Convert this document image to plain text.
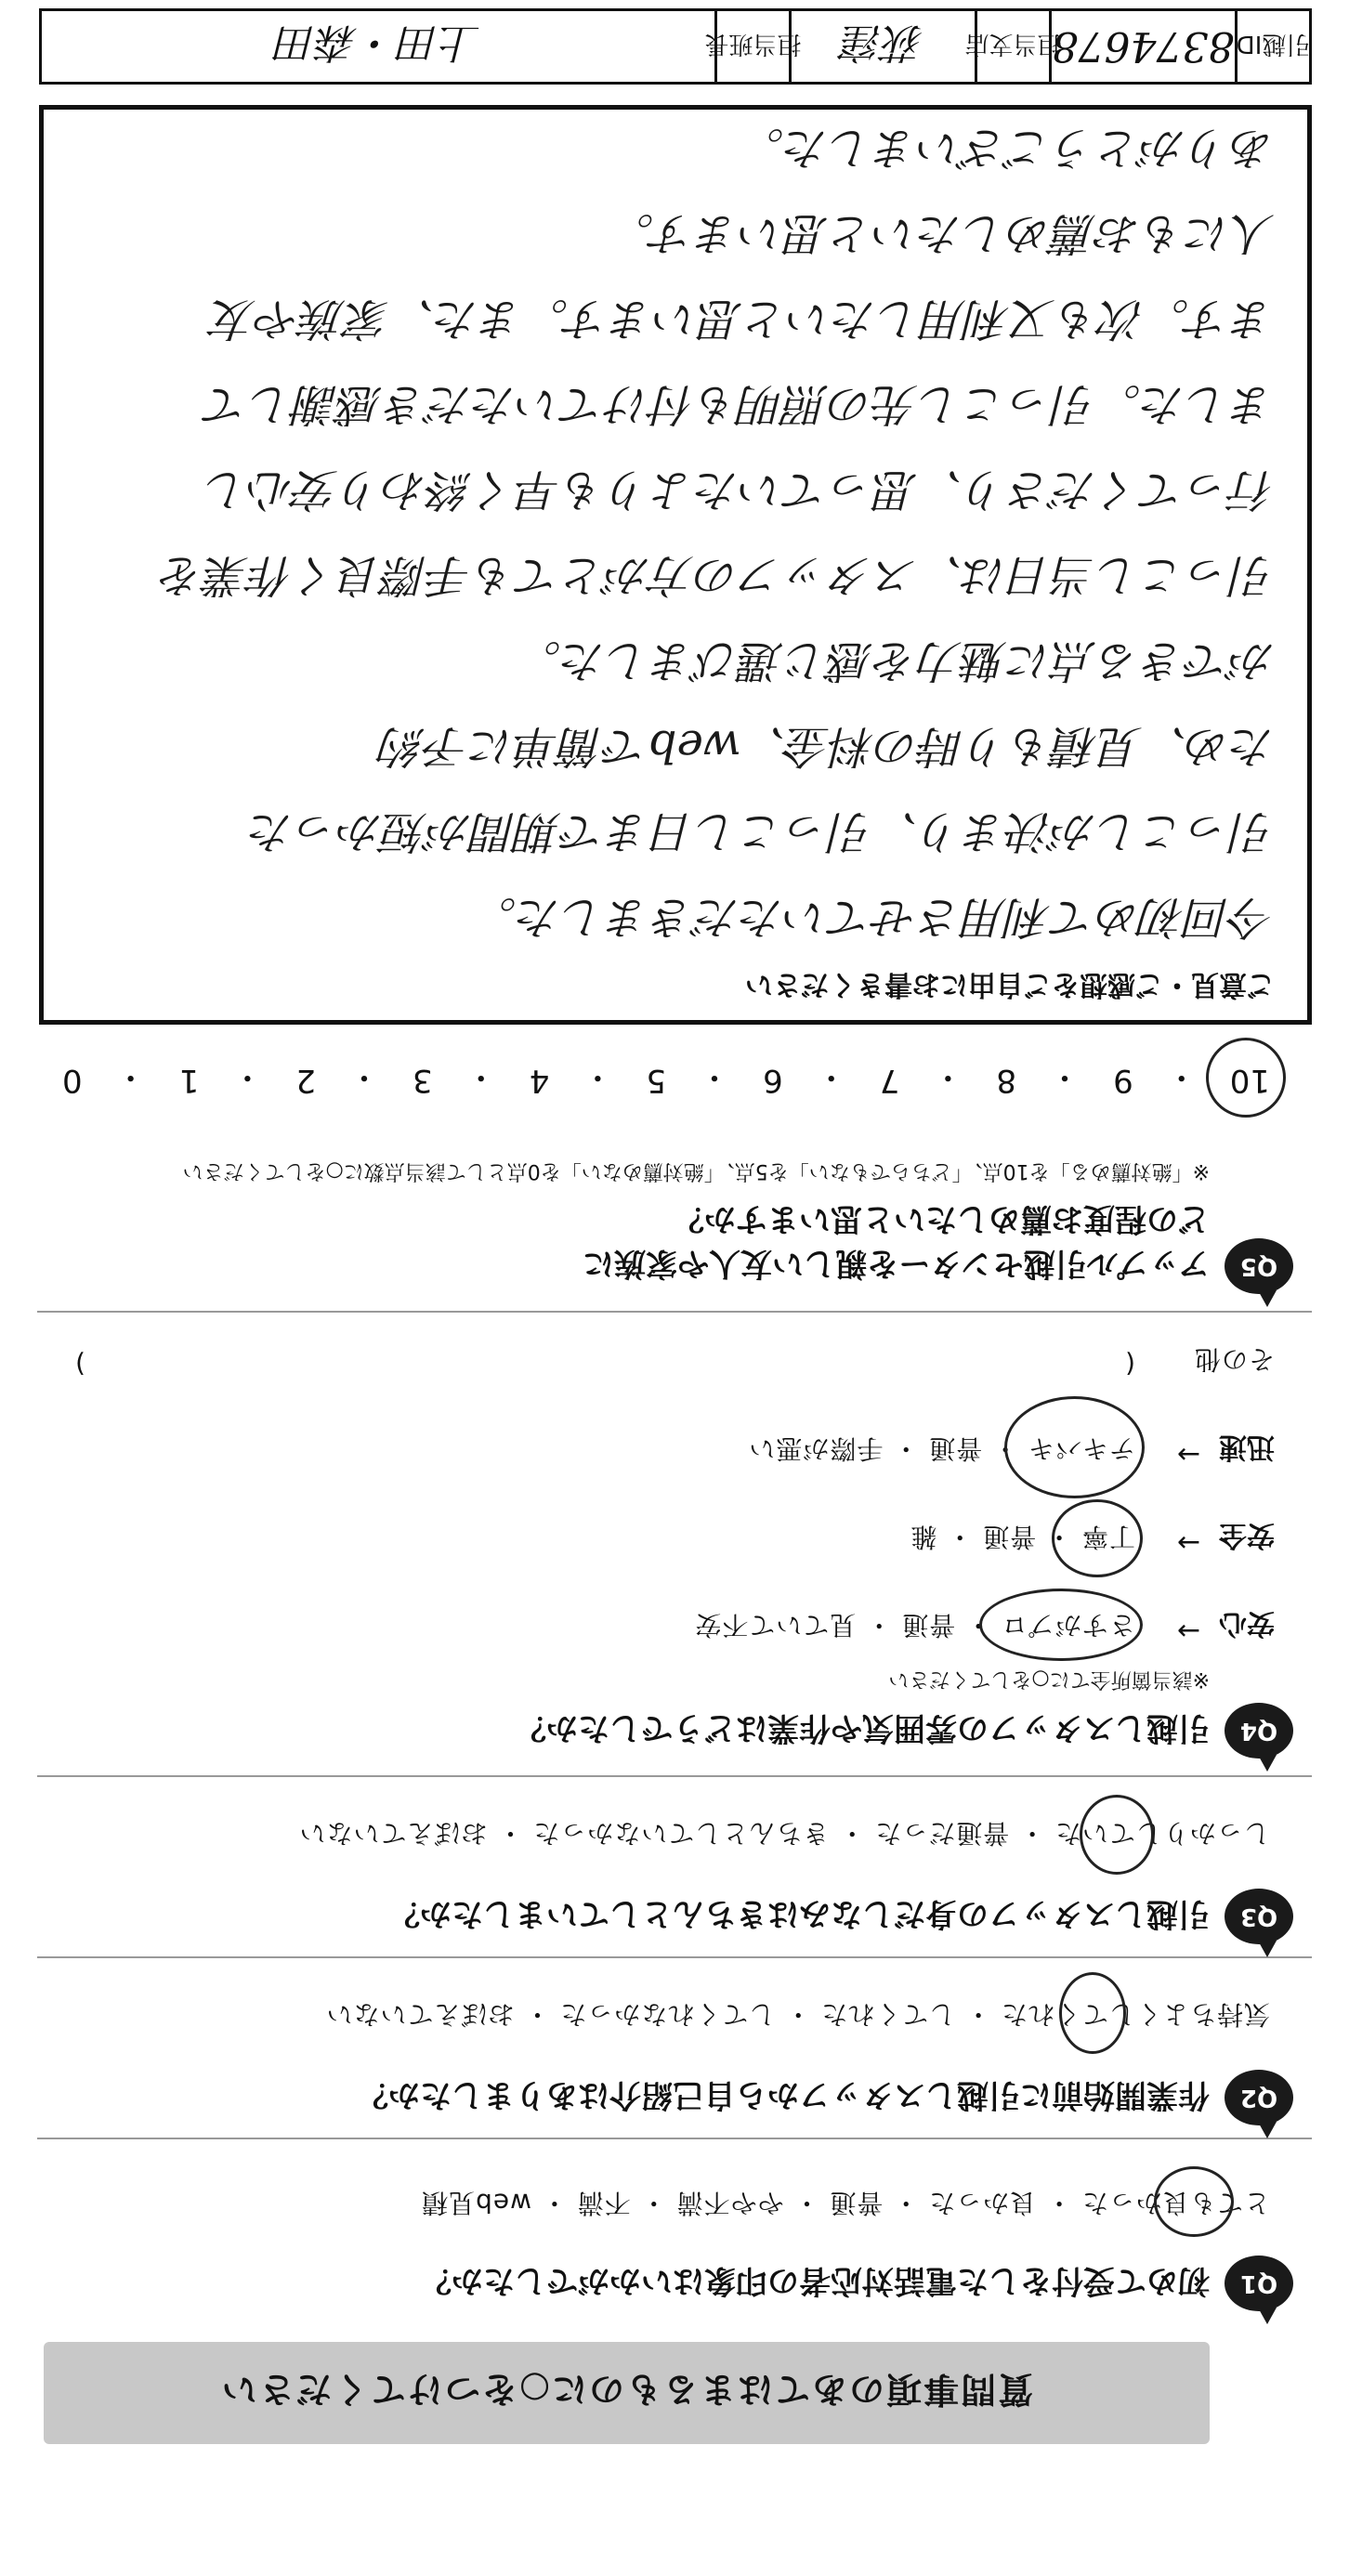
質問事項のあてはまるものに○をつけてください
Q1
初めて受付をした電話対応者の印象はいかがでしたか？
とても良かった ・ 良かった ・ 普通 ・ やや不満 ・ 不満 ・ web見積
Q2
作業開始前に引越しスタッフから自己紹介はありましたか？
気持ちよくしてくれた ・ してくれた ・ してくれなかった ・ おぼえていない
Q3
引越しスタッフの身だしなみはきちんとしていましたか？
しっかりしていた ・ 普通だった ・ きちんとしていなかった ・ おぼえていない
Q4
引越しスタッフの雰囲気や作業はどうでしたか？
※該当箇所全てに○をしてください
安心
→
さすがプロ ・ 普通 ・ 見ていて不安
安全
→
丁寧 ・ 普通 ・ 雑
迅速
→
テキパキ ・ 普通 ・ 手際が悪い
その他
(
)
Q5
アップル引越センターを親しい友人や家族に
どの程度お薦めしたいと思いますか？
※「絶対薦める」を10点、「どちらでもない」を5点、「絶対薦めない」を0点として該当点数に○をしてください
10
・
9
・
8
・
7
・
6
・
5
・
4
・
3
・
2
・
1
・
0
ご意見・ご感想をご自由にお書きください
今回初めて利用させていただきました。
引っこしが決まり、引っこし日まで期間が短かった
ため、見積もり時の料金、webで簡単に予約
ができる点に魅力を感じ選びました。
引っこし当日は、スタッフの方がとても手際良く作業を
行ってくださり、思っていたよりも早く終わり安心し
ました。引っこし先の照明も付けていただき感謝して
ます。次も又利用したいと思います。また、家族や友
人にもお薦めしたいと思います。
ありがとうございました。
引越ID
8374678
担当支店
荻窪
担当班長
上田・森田
